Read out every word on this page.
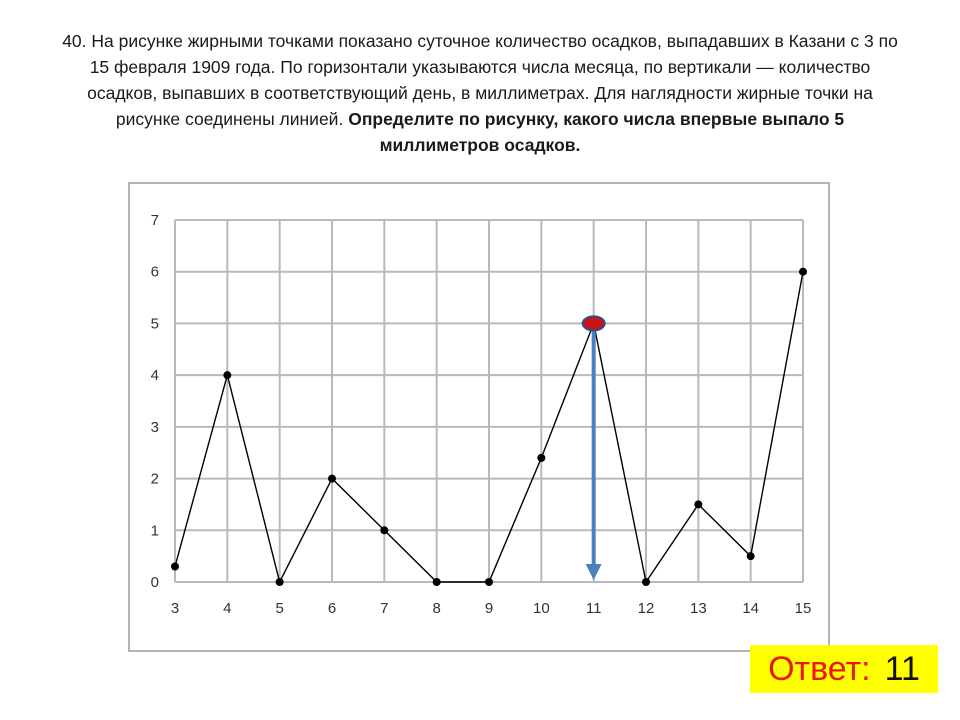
40. На рисунке жирными точками показано суточное количество осадков, выпадавших в Казани с 3 по 15 февраля 1909 года. По горизонтали указываются числа месяца, по вертикали — количество осадков, выпавших в соответствующий день, в миллиметрах. Для наглядности жирные точки на рисунке соединены линией. Определите по рисунку, какого числа впервые выпало 5 миллиметров осадков.

0
1
2
3
4
5
6
7
3	4	5	6	7	8	9	10 11 12 13 14 15
Ответ: 11
